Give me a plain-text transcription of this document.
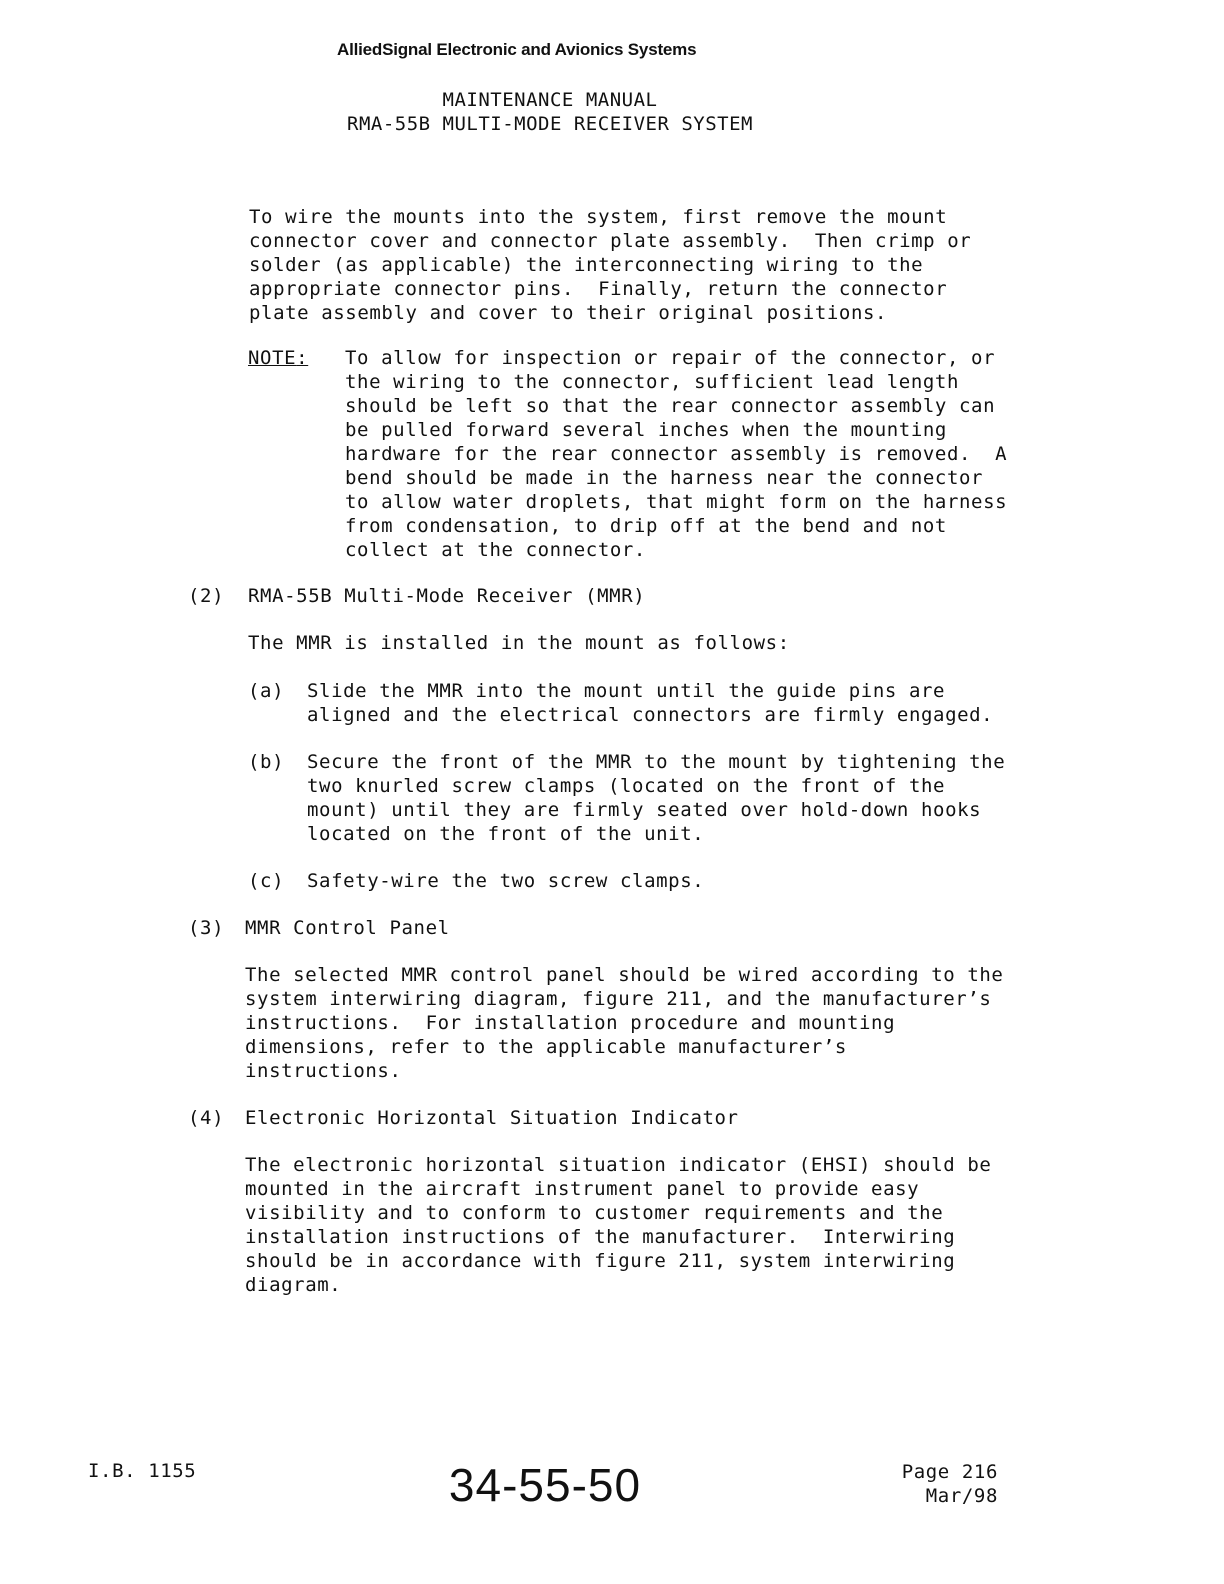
AlliedSignal Electronic and Avionics Systems
MAINTENANCE MANUAL
RMA-55B MULTI-MODE RECEIVER SYSTEM
To wire the mounts into the system, first remove the mount
connector cover and connector plate assembly.  Then crimp or
solder (as applicable) the interconnecting wiring to the
appropriate connector pins.  Finally, return the connector
plate assembly and cover to their original positions.
NOTE: To allow for inspection or repair of the connector, or
the wiring to the connector, sufficient lead length
should be left so that the rear connector assembly can
be pulled forward several inches when the mounting
hardware for the rear connector assembly is removed.  A
bend should be made in the harness near the connector
to allow water droplets, that might form on the harness
from condensation, to drip off at the bend and not
collect at the connector.
(2) RMA-55B Multi-Mode Receiver (MMR)
The MMR is installed in the mount as follows:
(a) Slide the MMR into the mount until the guide pins are
aligned and the electrical connectors are firmly engaged.
(b) Secure the front of the MMR to the mount by tightening the
two knurled screw clamps (located on the front of the
mount) until they are firmly seated over hold-down hooks
located on the front of the unit.
(c) Safety-wire the two screw clamps.
(3) MMR Control Panel
The selected MMR control panel should be wired according to the
system interwiring diagram, figure 211, and the manufacturer’s
instructions.  For installation procedure and mounting
dimensions, refer to the applicable manufacturer’s
instructions.
(4) Electronic Horizontal Situation Indicator
The electronic horizontal situation indicator (EHSI) should be
mounted in the aircraft instrument panel to provide easy
visibility and to conform to customer requirements and the
installation instructions of the manufacturer.  Interwiring
should be in accordance with figure 211, system interwiring
diagram.
I.B. 1155	34-55-50	Page 216
Mar/98
